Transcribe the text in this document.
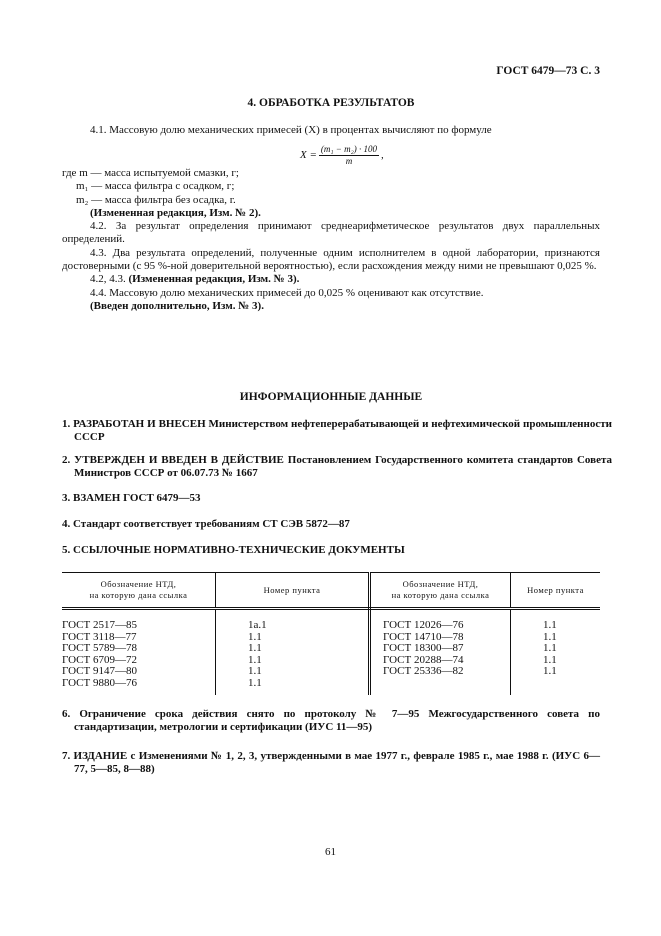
ГОСТ 6479—73 С. 3
4. ОБРАБОТКА РЕЗУЛЬТАТОВ
4.1. Массовую долю механических примесей (X) в процентах вычисляют по формуле
$X = \frac{\text{(m₁ − m₂) · 100}}{m}$ ,

где m — масса испытуемой смазки, г;

m₁ — масса фильтра с осадком, г;

m₂ — масса фильтра без осадка, г.

(Измененная редакция, Изм. № 2).

4.2. За результат определения принимают среднеарифметическое результатов двух параллельных определений.

4.3. Два результата определений, полученные одним исполнителем в одной лаборатории, признаются достоверными (с 95 %-ной доверительной вероятностью), если расхождения между ними не превышают 0,025 %.

4.2, 4.3. (Измененная редакция, Изм. № 3).

4.4. Массовую долю механических примесей до 0,025 % оценивают как отсутствие.

(Введен дополнительно, Изм. № 3).

ИНФОРМАЦИОННЫЕ ДАННЫЕ

1. РАЗРАБОТАН И ВНЕСЕН Министерством нефтеперерабатывающей и нефтехимической промышленности СССР

2. УТВЕРЖДЕН И ВВЕДЕН В ДЕЙСТВИЕ Постановлением Государственного комитета стандартов Совета Министров СССР от 06.07.73 № 1667

3. ВЗАМЕН ГОСТ 6479—53

4. Стандарт соответствует требованиям СТ СЭВ 5872—87

5. ССЫЛОЧНЫЕ НОРМАТИВНО-ТЕХНИЧЕСКИЕ ДОКУМЕНТЫ

Обозначение НТД,
на которую дана ссылка	Номер пункта	Обозначение НТД,
на которую дана ссылка	Номер пункта
ГОСТ 2517—85	1а.1	ГОСТ 12026—76	1.1
ГОСТ 3118—77	1.1	ГОСТ 14710—78	1.1
ГОСТ 5789—78	1.1	ГОСТ 18300—87	1.1
ГОСТ 6709—72	1.1	ГОСТ 20288—74	1.1
ГОСТ 9147—80	1.1	ГОСТ 25336—82	1.1
ГОСТ 9880—76	1.1		

6. Ограничение срока действия снято по протоколу № 7—95 Межгосударственного совета по стандартизации, метрологии и сертификации (ИУС 11—95)

7. ИЗДАНИЕ с Изменениями № 1, 2, 3, утвержденными в мае 1977 г., феврале 1985 г., мае 1988 г. (ИУС 6—77, 5—85, 8—88)

61
